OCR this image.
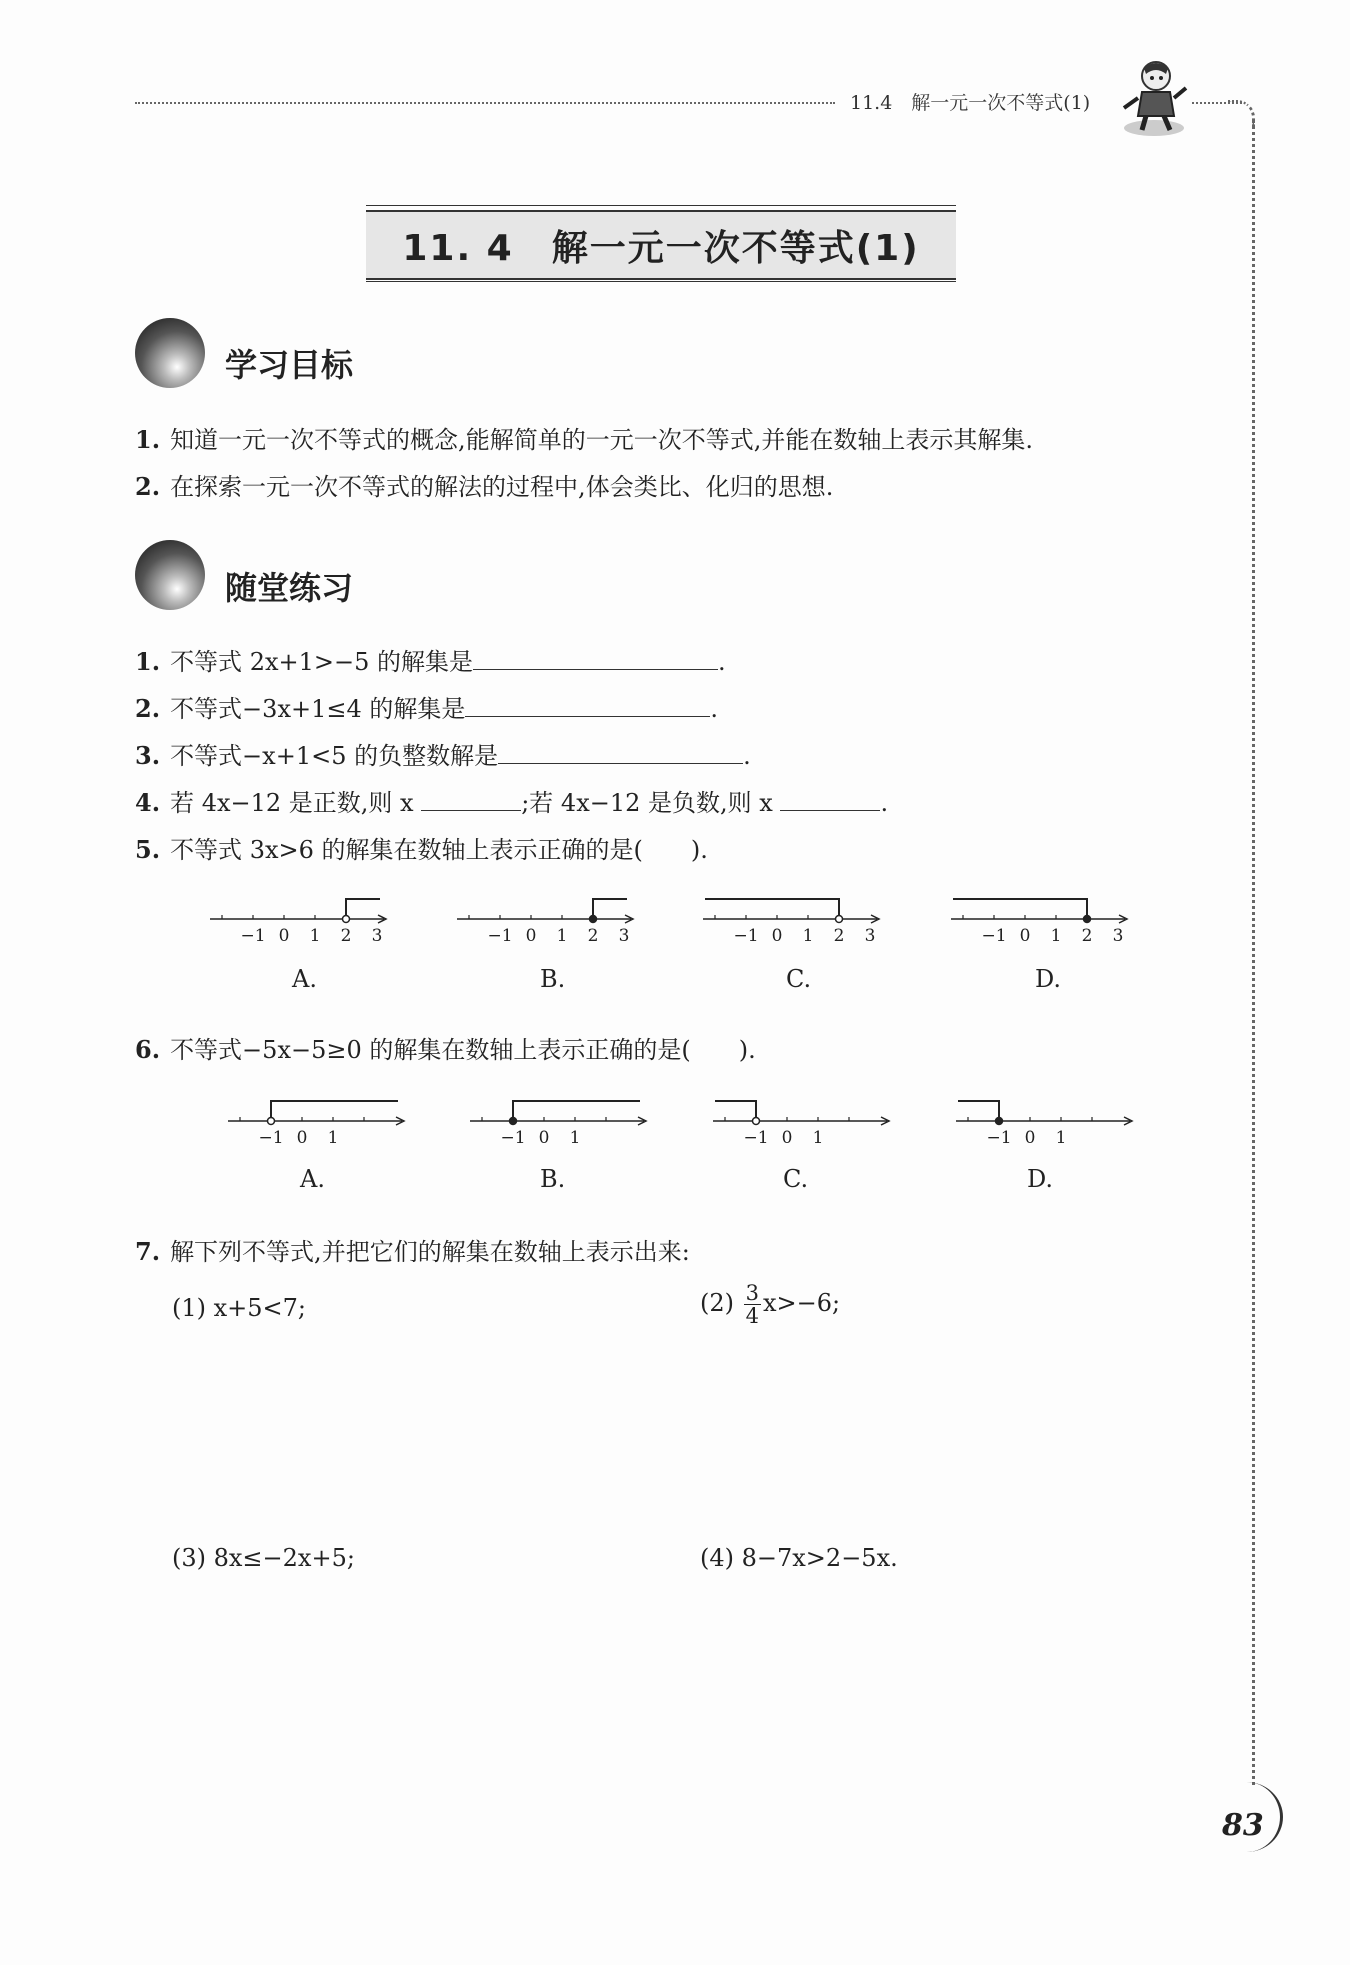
11.4　解一元一次不等式(1)
11. 4　解一元一次不等式(1)
学习目标
1. 知道一元一次不等式的概念,能解简单的一元一次不等式,并能在数轴上表示其解集.
2. 在探索一元一次不等式的解法的过程中,体会类比、化归的思想.
随堂练习
1. 不等式 2x+1>−5 的解集是	.
2. 不等式−3x+1≤4 的解集是	.
3. 不等式−x+1<5 的负整数解是	.
4. 若 4x−12 是正数,则 x	;若 4x−12 是负数,则 x	.
5. 不等式 3x>6 的解集在数轴上表示正确的是(　　).
−1 0 1 2 3	−1 0 1 2 3	−1 0 1 2 3	−1 0 1 2 3
A.	B.	C.	D.
6. 不等式−5x−5≥0 的解集在数轴上表示正确的是(　　).
−1 0 1	−1 0 1	−1 0 1	−1 0 1
A.	B.	C.	D.
7. 解下列不等式,并把它们的解集在数轴上表示出来:
(1) x+5<7;	$(2) \frac{3}{4} x>-6$;
(3) 8x≤−2x+5;	(4) 8−7x>2−5x.
83
